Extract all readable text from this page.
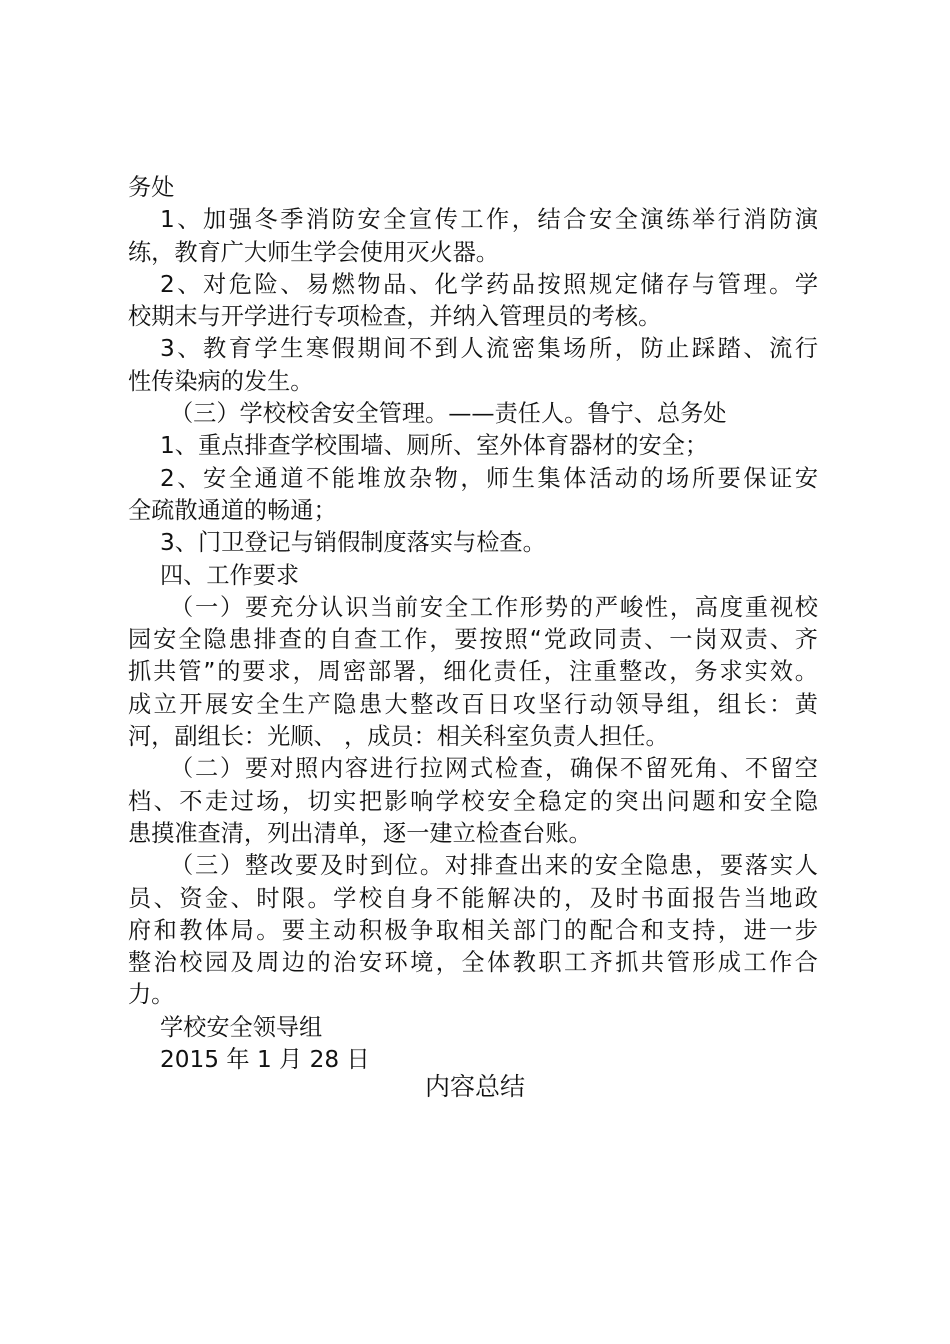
务处
1、加强冬季消防安全宣传工作，结合安全演练举行消防演
练，教育广大师生学会使用灭火器。
2、对危险、易燃物品、化学药品按照规定储存与管理。学
校期末与开学进行专项检查，并纳入管理员的考核。
3、教育学生寒假期间不到人流密集场所，防止踩踏、流行
性传染病的发生。
（三）学校校舍安全管理。——责任人。鲁宁、总务处
1、重点排查学校围墙、厕所、室外体育器材的安全；
2、安全通道不能堆放杂物，师生集体活动的场所要保证安
全疏散通道的畅通；
3、门卫登记与销假制度落实与检查。
四、工作要求
（一）要充分认识当前安全工作形势的严峻性，高度重视校
园安全隐患排查的自查工作，要按照“党政同责、一岗双责、齐
抓共管”的要求，周密部署，细化责任，注重整改，务求实效。
成立开展安全生产隐患大整改百日攻坚行动领导组，组长：黄
河，副组长：光顺、 ，成员：相关科室负责人担任。
（二）要对照内容进行拉网式检查，确保不留死角、不留空
档、不走过场，切实把影响学校安全稳定的突出问题和安全隐
患摸准查清，列出清单，逐一建立检查台账。
（三）整改要及时到位。对排查出来的安全隐患，要落实人
员、资金、时限。学校自身不能解决的，及时书面报告当地政
府和教体局。要主动积极争取相关部门的配合和支持，进一步
整治校园及周边的治安环境，全体教职工齐抓共管形成工作合
力。
学校安全领导组
2015 年 1 月 28 日
内容总结
